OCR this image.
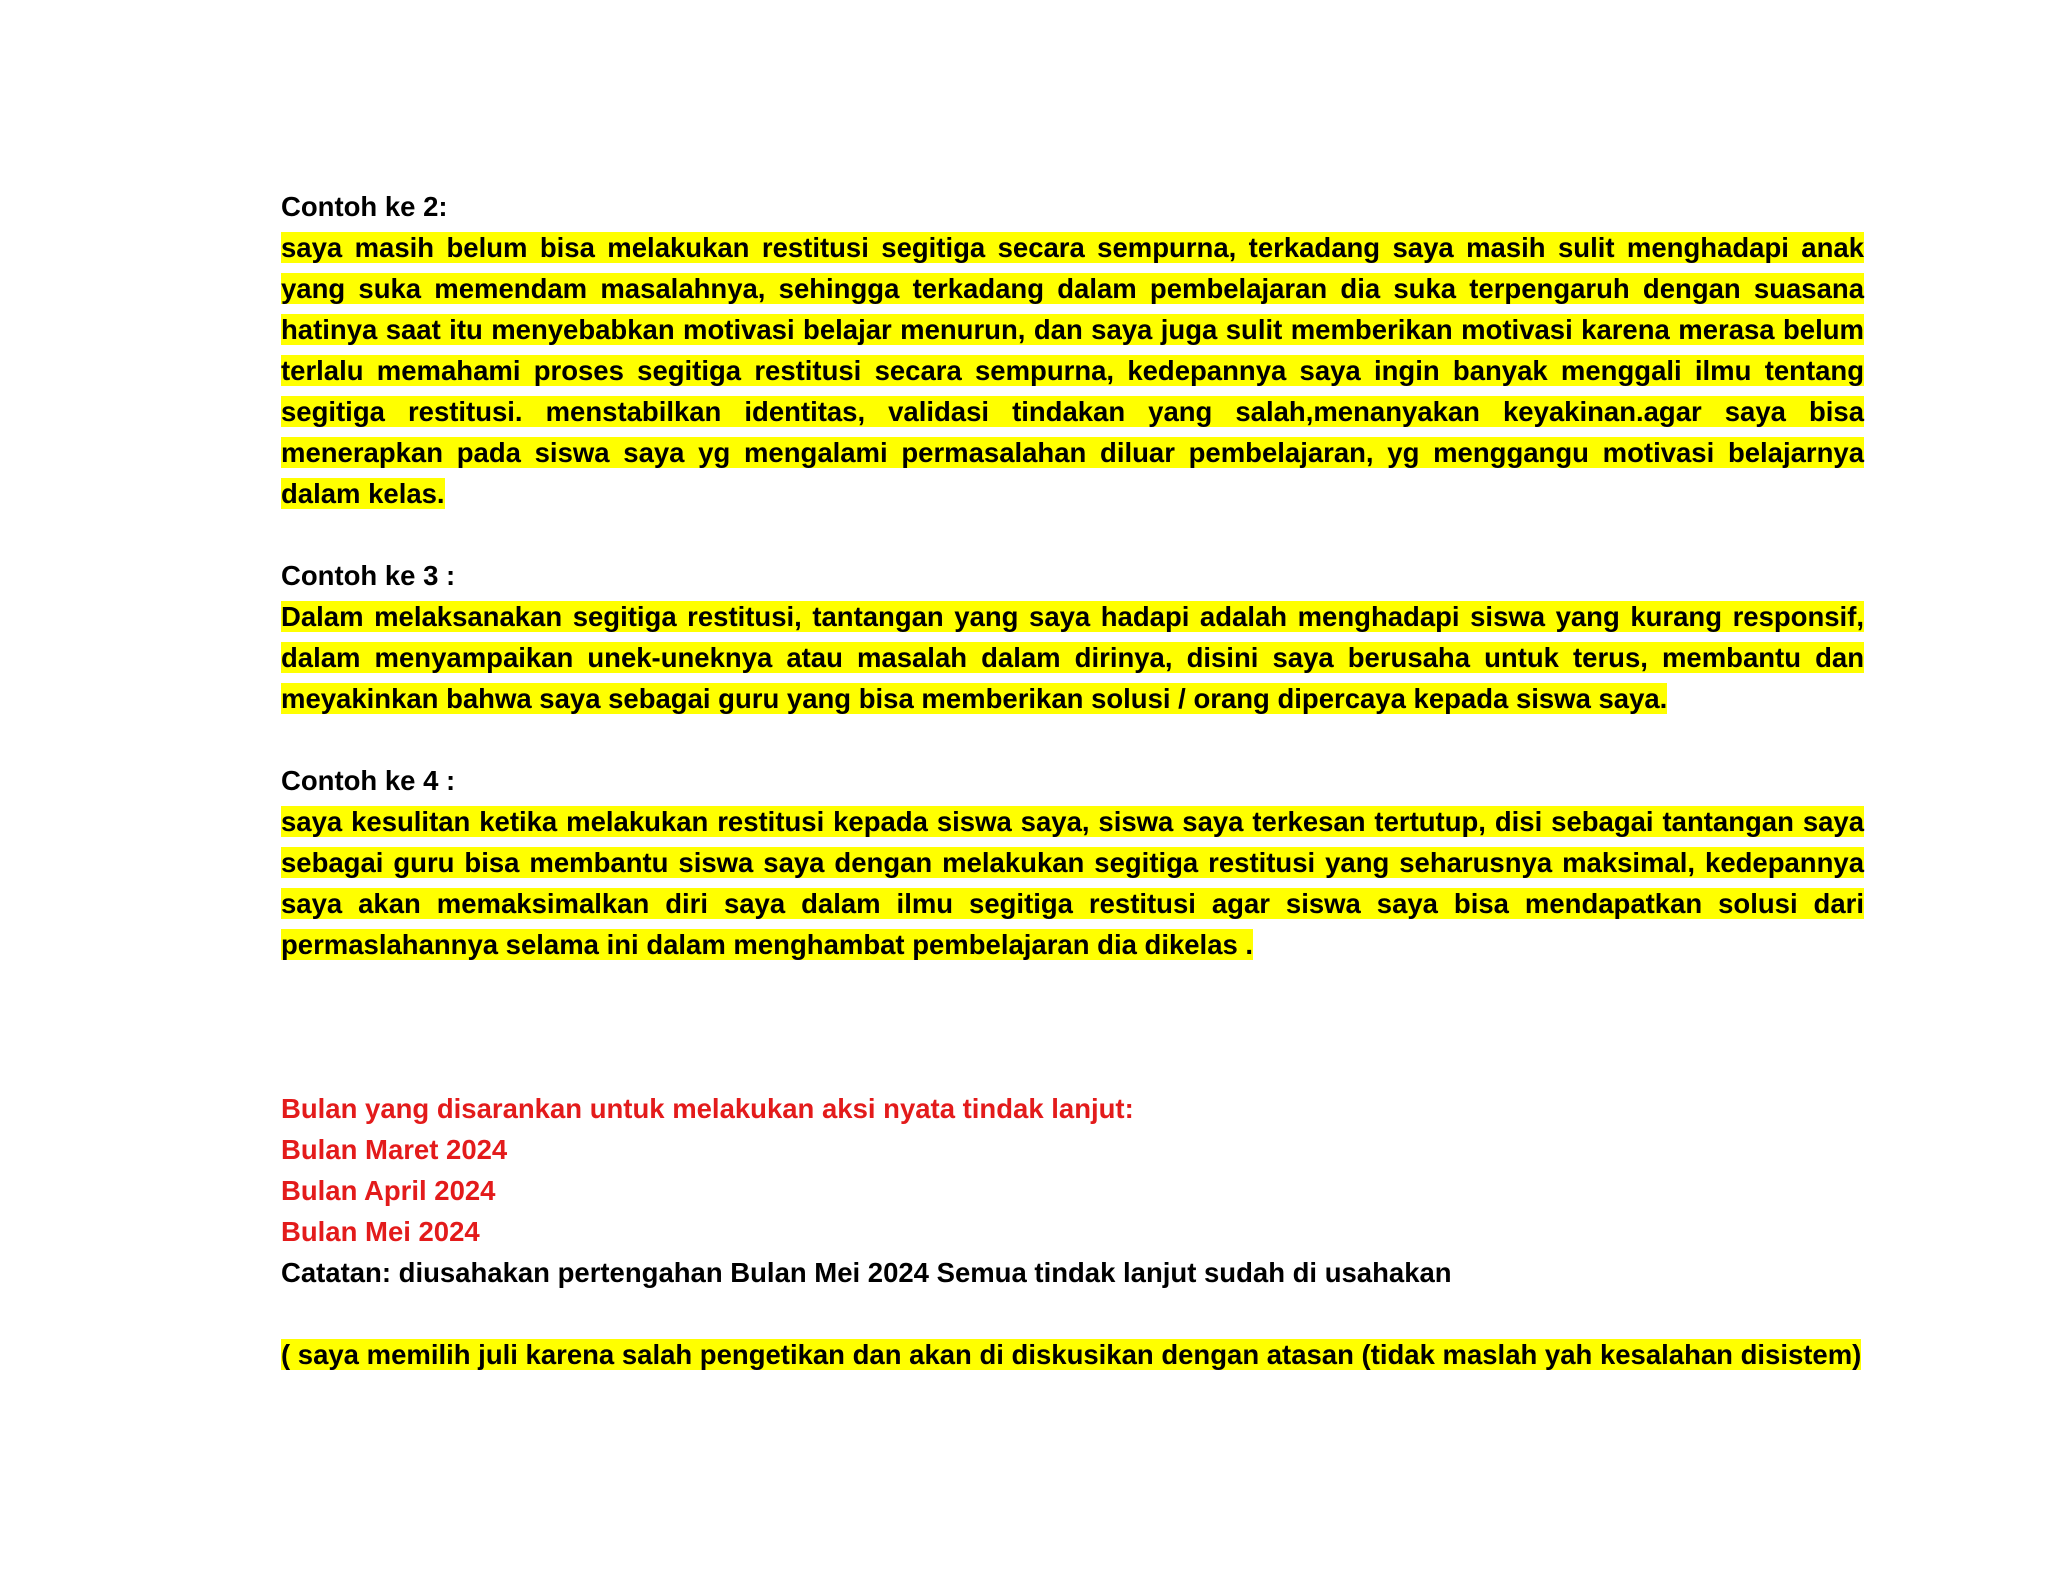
Contoh ke 2:

saya masih belum bisa melakukan restitusi segitiga secara sempurna, terkadang saya masih sulit menghadapi anak yang suka memendam masalahnya, sehingga terkadang dalam pembelajaran dia suka terpengaruh dengan suasana hatinya saat itu menyebabkan motivasi belajar menurun, dan saya juga sulit memberikan motivasi karena merasa belum terlalu memahami proses segitiga restitusi secara sempurna, kedepannya saya ingin banyak menggali ilmu tentang segitiga restitusi. menstabilkan identitas, validasi tindakan yang salah,menanyakan keyakinan.agar saya bisa menerapkan pada siswa saya yg mengalami permasalahan diluar pembelajaran, yg menggangu motivasi belajarnya dalam kelas.

Contoh ke 3 :

Dalam melaksanakan segitiga restitusi, tantangan yang saya hadapi adalah menghadapi siswa yang kurang responsif, dalam menyampaikan unek-uneknya atau masalah dalam dirinya, disini saya berusaha untuk terus, membantu dan meyakinkan bahwa saya sebagai guru yang bisa memberikan solusi / orang dipercaya kepada siswa saya.

Contoh ke 4 :

saya kesulitan ketika melakukan restitusi kepada siswa saya, siswa saya terkesan tertutup, disi sebagai tantangan saya sebagai guru bisa membantu siswa saya dengan melakukan segitiga restitusi yang seharusnya maksimal, kedepannya saya akan memaksimalkan diri saya dalam ilmu segitiga restitusi agar siswa saya bisa mendapatkan solusi dari permaslahannya selama ini dalam menghambat pembelajaran dia dikelas .

Bulan yang disarankan untuk melakukan aksi nyata tindak lanjut:

Bulan Maret 2024

Bulan April 2024

Bulan Mei 2024

Catatan: diusahakan pertengahan Bulan Mei 2024 Semua tindak lanjut sudah di usahakan

( saya memilih juli karena salah pengetikan dan akan di diskusikan dengan atasan (tidak maslah yah kesalahan disistem)
